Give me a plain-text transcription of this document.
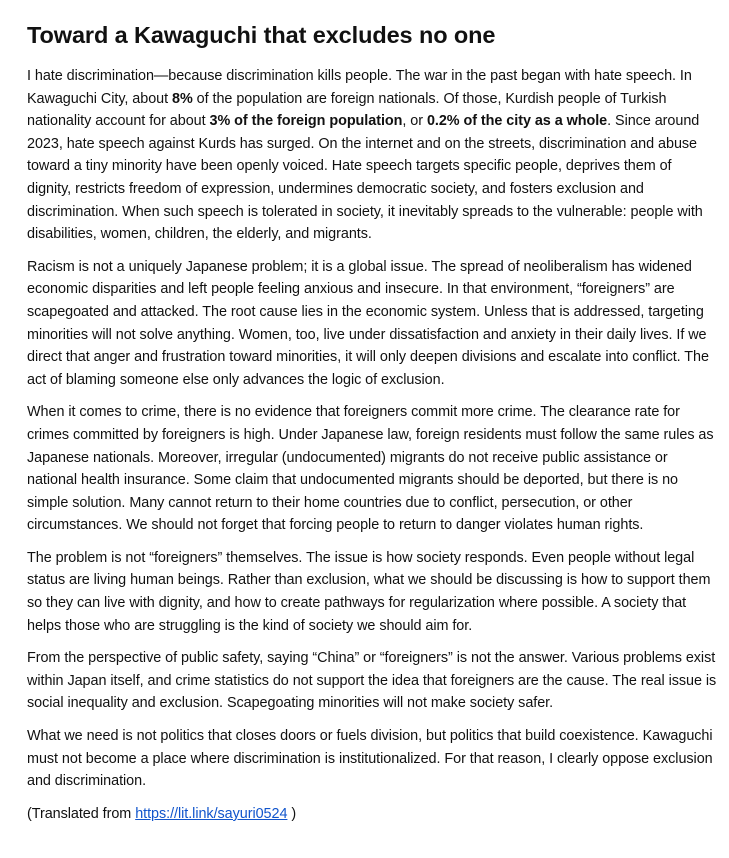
Toward a Kawaguchi that excludes no one

I hate discrimination—because discrimination kills people. The war in the past began with hate speech. In Kawaguchi City, about 8% of the population are foreign nationals. Of those, Kurdish people of Turkish nationality account for about 3% of the foreign population, or 0.2% of the city as a whole. Since around 2023, hate speech against Kurds has surged. On the internet and on the streets, discrimination and abuse toward a tiny minority have been openly voiced. Hate speech targets specific people, deprives them of dignity, restricts freedom of expression, undermines democratic society, and fosters exclusion and discrimination. When such speech is tolerated in society, it inevitably spreads to the vulnerable: people with disabilities, women, children, the elderly, and migrants.

Racism is not a uniquely Japanese problem; it is a global issue. The spread of neoliberalism has widened economic disparities and left people feeling anxious and insecure. In that environment, “foreigners” are scapegoated and attacked. The root cause lies in the economic system. Unless that is addressed, targeting minorities will not solve anything. Women, too, live under dissatisfaction and anxiety in their daily lives. If we direct that anger and frustration toward minorities, it will only deepen divisions and escalate into conflict. The act of blaming someone else only advances the logic of exclusion.

When it comes to crime, there is no evidence that foreigners commit more crime. The clearance rate for crimes committed by foreigners is high. Under Japanese law, foreign residents must follow the same rules as Japanese nationals. Moreover, irregular (undocumented) migrants do not receive public assistance or national health insurance. Some claim that undocumented migrants should be deported, but there is no simple solution. Many cannot return to their home countries due to conflict, persecution, or other circumstances. We should not forget that forcing people to return to danger violates human rights.

The problem is not “foreigners” themselves. The issue is how society responds. Even people without legal status are living human beings. Rather than exclusion, what we should be discussing is how to support them so they can live with dignity, and how to create pathways for regularization where possible. A society that helps those who are struggling is the kind of society we should aim for.

From the perspective of public safety, saying “China” or “foreigners” is not the answer. Various problems exist within Japan itself, and crime statistics do not support the idea that foreigners are the cause. The real issue is social inequality and exclusion. Scapegoating minorities will not make society safer.

What we need is not politics that closes doors or fuels division, but politics that build coexistence. Kawaguchi must not become a place where discrimination is institutionalized. For that reason, I clearly oppose exclusion and discrimination.

(Translated from https://lit.link/sayuri0524 )
